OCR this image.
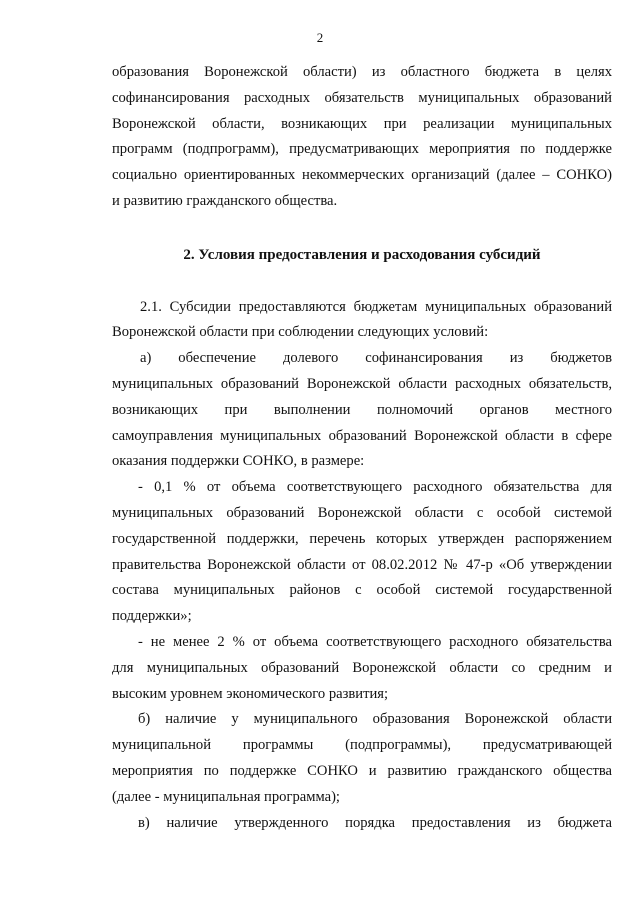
2
образования Воронежской области) из областного бюджета в целях
софинансирования расходных обязательств муниципальных образований
Воронежской области, возникающих при реализации муниципальных
программ (подпрограмм), предусматривающих мероприятия по поддержке
социально ориентированных некоммерческих организаций (далее – СОНКО)
и развитию гражданского общества.
2. Условия предоставления и расходования субсидий
2.1. Субсидии предоставляются бюджетам муниципальных образований
Воронежской области при соблюдении следующих условий:
а) обеспечение долевого софинансирования из бюджетов
муниципальных образований Воронежской области расходных обязательств,
возникающих при выполнении полномочий органов местного
самоуправления муниципальных образований Воронежской области в сфере
оказания поддержки СОНКО, в размере:
- 0,1 % от объема соответствующего расходного обязательства для
муниципальных образований Воронежской области с особой системой
государственной поддержки, перечень которых утвержден распоряжением
правительства Воронежской области от 08.02.2012 № 47-р «Об утверждении
состава муниципальных районов с особой системой государственной
поддержки»;
- не менее 2 % от объема соответствующего расходного обязательства
для муниципальных образований Воронежской области со средним и
высоким уровнем экономического развития;
б) наличие у муниципального образования Воронежской области
муниципальной программы (подпрограммы), предусматривающей
мероприятия по поддержке СОНКО и развитию гражданского общества
(далее - муниципальная программа);
в) наличие утвержденного порядка предоставления из бюджета
